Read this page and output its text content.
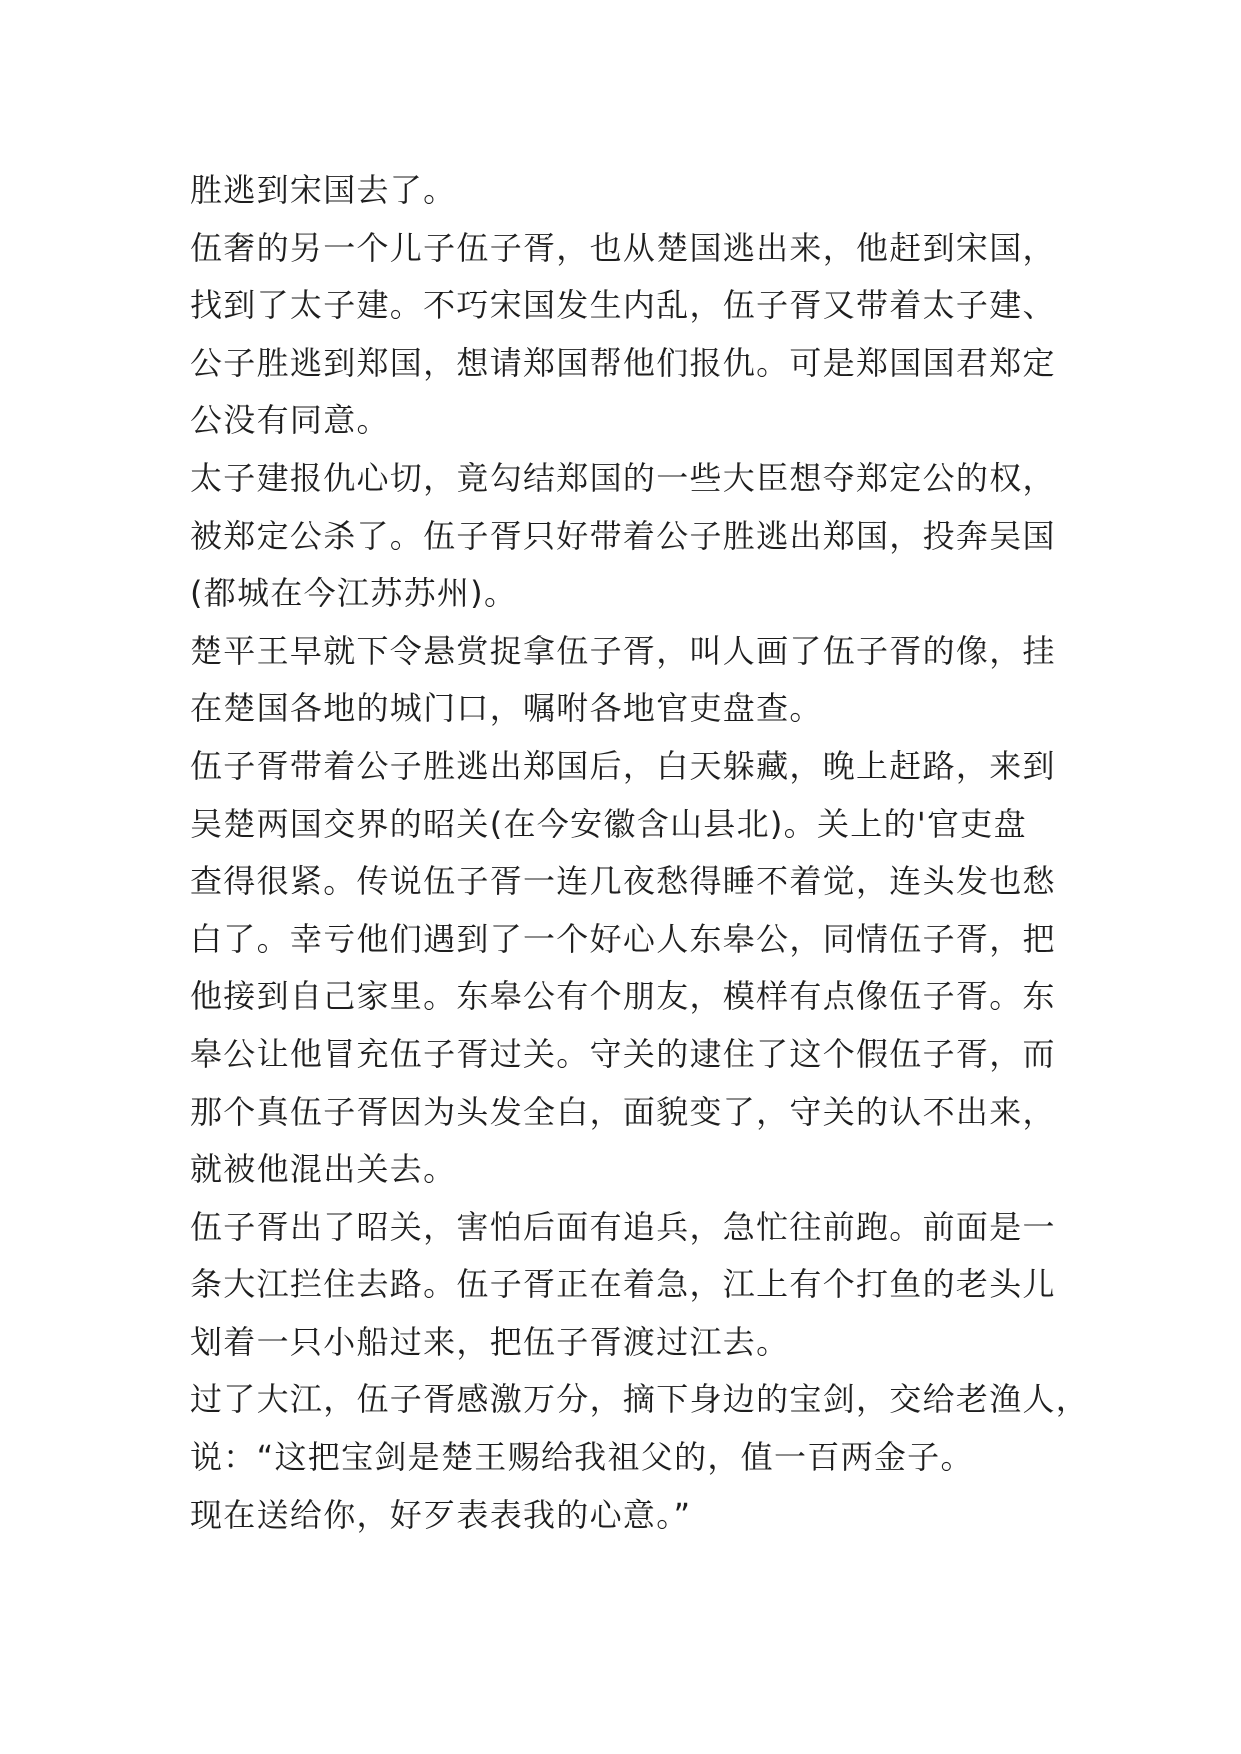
胜逃到宋国去了。
伍奢的另一个儿子伍子胥，也从楚国逃出来，他赶到宋国，
找到了太子建。不巧宋国发生内乱，伍子胥又带着太子建、
公子胜逃到郑国，想请郑国帮他们报仇。可是郑国国君郑定
公没有同意。
太子建报仇心切，竟勾结郑国的一些大臣想夺郑定公的权，
被郑定公杀了。伍子胥只好带着公子胜逃出郑国，投奔吴国
(都城在今江苏苏州)。
楚平王早就下令悬赏捉拿伍子胥，叫人画了伍子胥的像，挂
在楚国各地的城门口，嘱咐各地官吏盘查。
伍子胥带着公子胜逃出郑国后，白天躲藏，晚上赶路，来到
吴楚两国交界的昭关(在今安徽含山县北)。关上的'官吏盘
查得很紧。传说伍子胥一连几夜愁得睡不着觉，连头发也愁
白了。幸亏他们遇到了一个好心人东皋公，同情伍子胥，把
他接到自己家里。东皋公有个朋友，模样有点像伍子胥。东
皋公让他冒充伍子胥过关。守关的逮住了这个假伍子胥，而
那个真伍子胥因为头发全白，面貌变了，守关的认不出来，
就被他混出关去。
伍子胥出了昭关，害怕后面有追兵，急忙往前跑。前面是一
条大江拦住去路。伍子胥正在着急，江上有个打鱼的老头儿
划着一只小船过来，把伍子胥渡过江去。
过了大江，伍子胥感激万分，摘下身边的宝剑，交给老渔人，
说：“这把宝剑是楚王赐给我祖父的，值一百两金子。
现在送给你，好歹表表我的心意。”
